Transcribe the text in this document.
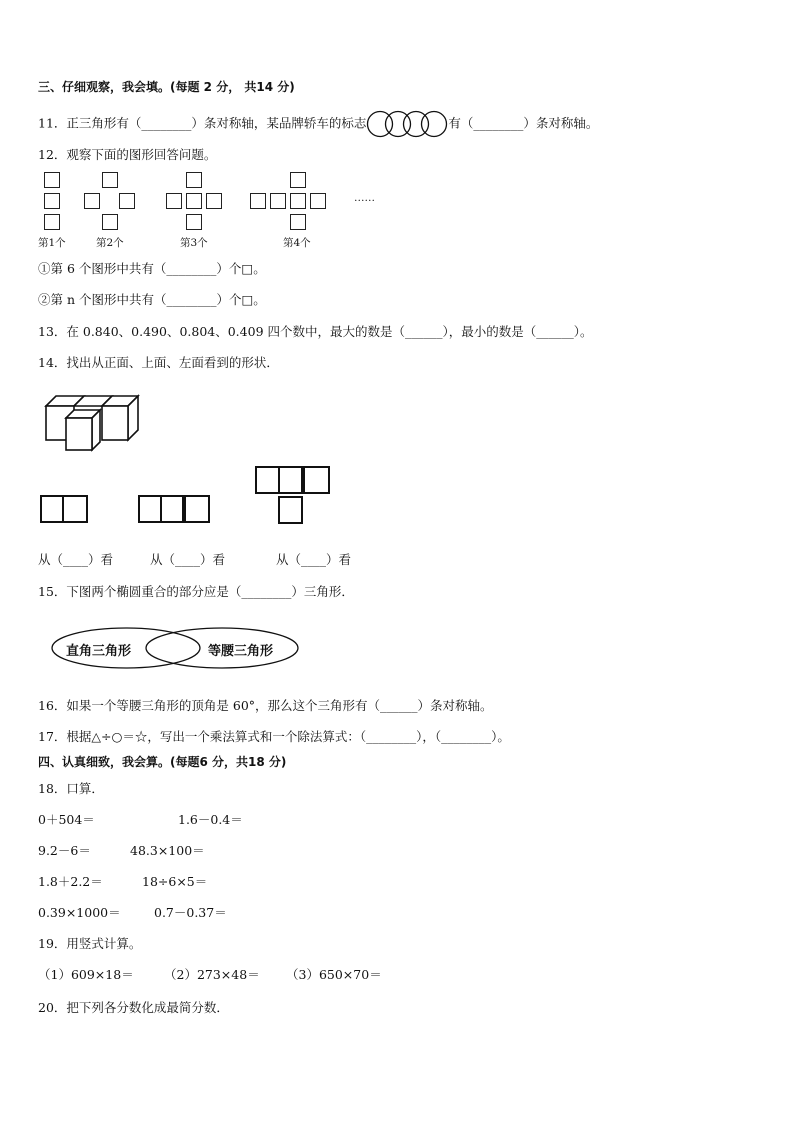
三、仔细观察，我会填。(每题 2 分， 共14 分)
11．正三角形有（________）条对称轴，某品牌轿车的标志	有（________）条对称轴。
12．观察下面的图形回答问题。
……
第1个	第2个	第3个	第4个
①第 6 个图形中共有（________）个□。
②第 n 个图形中共有（________）个□。
13．在 0.840、0.490、0.804、0.409 四个数中，最大的数是（______），最小的数是（______）。
14．找出从正面、上面、左面看到的形状．
从（____）看	从（____）看	从（____）看
15．下图两个椭圆重合的部分应是（________）三角形．
直角三角形	等腰三角形
16．如果一个等腰三角形的顶角是 60°，那么这个三角形有（______）条对称轴。
17．根据△÷○＝☆，写出一个乘法算式和一个除法算式：（________），（________）。
四、认真细致，我会算。(每题6 分，共18 分)
18．口算．
0＋504＝	1.6－0.4＝
9.2－6＝	48.3×100＝
1.8＋2.2＝	18÷6×5＝
0.39×1000＝	0.7－0.37＝
19．用竖式计算。
（1）609×18＝ （2）273×48＝ （3）650×70＝
20．把下列各分数化成最简分数．
